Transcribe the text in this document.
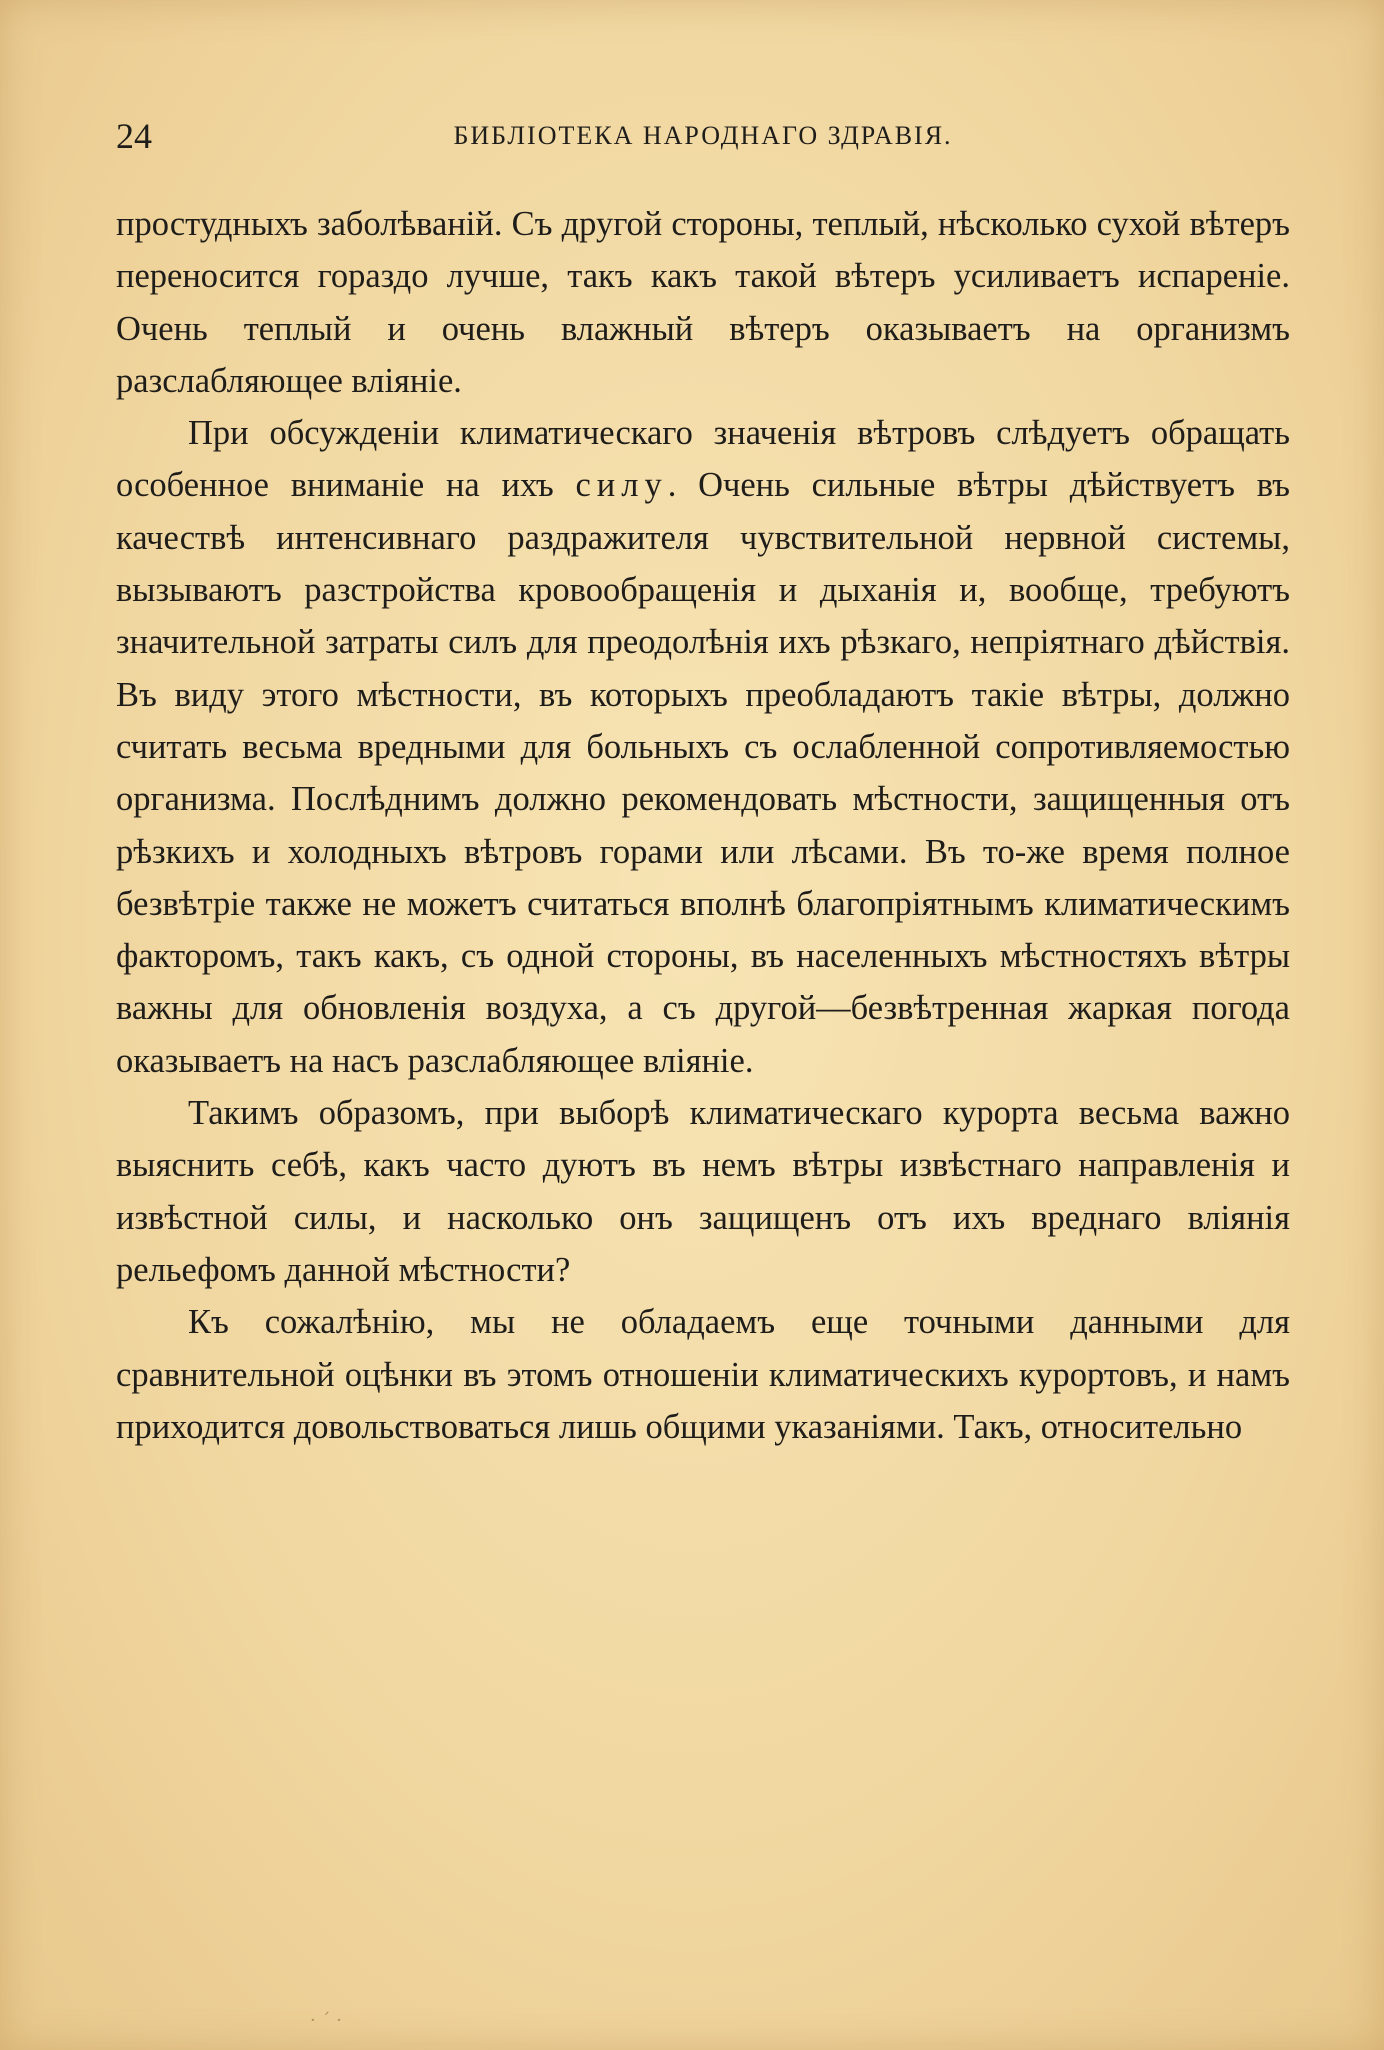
24	БИБЛІОТЕКА НАРОДНАГО ЗДРАВІЯ.

простудныхъ заболѣваній. Съ другой стороны, теплый, нѣсколько сухой вѣтеръ переносится гораздо лучше, такъ какъ такой вѣтеръ усиливаетъ испареніе. Очень теплый и очень влажный вѣтеръ оказываетъ на организмъ разслабляющее вліяніе.

При обсужденіи климатическаго значенія вѣтровъ слѣдуетъ обращать особенное вниманіе на ихъ силу. Очень сильные вѣтры дѣйствуетъ въ качествѣ интенсивнаго раздражителя чувствительной нервной системы, вызываютъ разстройства кровообращенія и дыханія и, вообще, требуютъ значительной затраты силъ для преодолѣнія ихъ рѣзкаго, непріятнаго дѣйствія. Въ виду этого мѣстности, въ которыхъ преобладаютъ такіе вѣтры, должно считать весьма вредными для больныхъ съ ослабленной сопротивляемостью организма. Послѣднимъ должно рекомендовать мѣстности, защищенныя отъ рѣзкихъ и холодныхъ вѣтровъ горами или лѣсами. Въ то-же время полное безвѣтріе также не можетъ считаться вполнѣ благопріятнымъ климатическимъ факторомъ, такъ какъ, съ одной стороны, въ населенныхъ мѣстностяхъ вѣтры важны для обновленія воздуха, а съ другой—безвѣтренная жаркая погода оказываетъ на насъ разслабляющее вліяніе.

Такимъ образомъ, при выборѣ климатическаго курорта весьма важно выяснить себѣ, какъ часто дуютъ въ немъ вѣтры извѣстнаго направленія и извѣстной силы, и насколько онъ защищенъ отъ ихъ вреднаго вліянія рельефомъ данной мѣстности?

Къ сожалѣнію, мы не обладаемъ еще точными данными для сравнительной оцѣнки въ этомъ отношеніи климатическихъ курортовъ, и намъ приходится довольствоваться лишь общими указаніями. Такъ, относительно

· ˊ ·
